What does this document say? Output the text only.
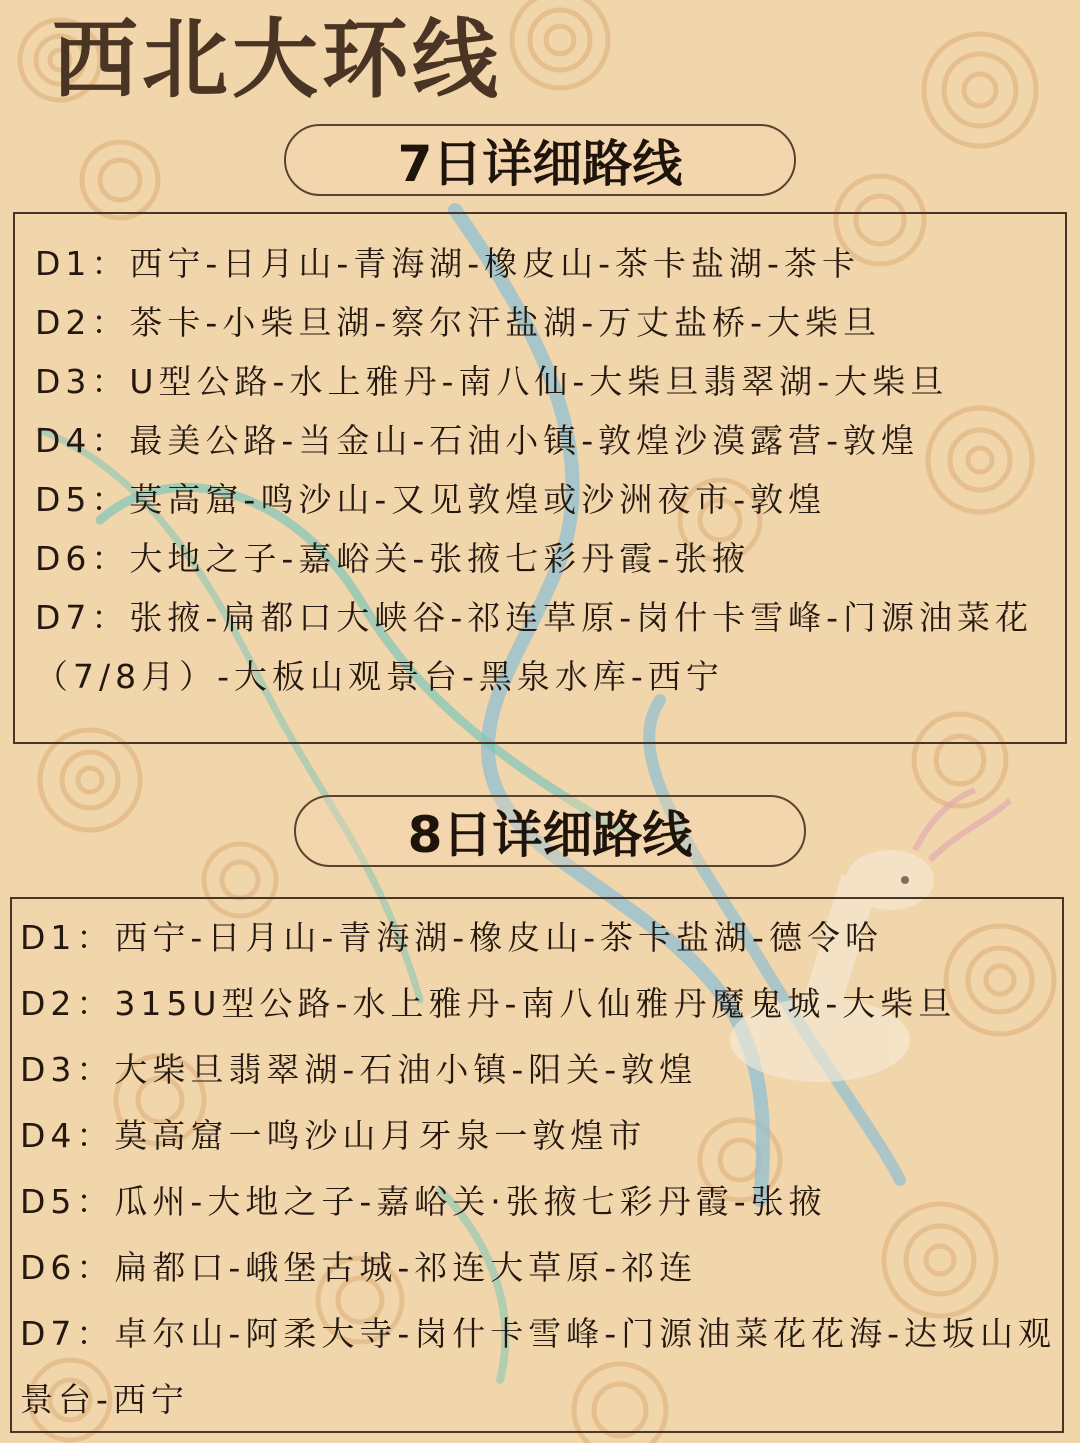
西北大环线
7日详细路线

D1：西宁-日月山-青海湖-橡皮山-茶卡盐湖-茶卡

D2：茶卡-小柴旦湖-察尔汗盐湖-万丈盐桥-大柴旦

D3：U型公路-水上雅丹-南八仙-大柴旦翡翠湖-大柴旦

D4：最美公路-当金山-石油小镇-敦煌沙漠露营-敦煌

D5：莫高窟-鸣沙山-又见敦煌或沙洲夜市-敦煌

D6：大地之子-嘉峪关-张掖七彩丹霞-张掖

D7：张掖-扁都口大峡谷-祁连草原-岗什卡雪峰-门源油菜花（7/8月）-大板山观景台-黑泉水库-西宁

8日详细路线

D1：西宁-日月山-青海湖-橡皮山-茶卡盐湖-德令哈

D2：315U型公路-水上雅丹-南八仙雅丹魔鬼城-大柴旦

D3：大柴旦翡翠湖-石油小镇-阳关-敦煌

D4：莫高窟一鸣沙山月牙泉一敦煌市

D5：瓜州-大地之子-嘉峪关·张掖七彩丹霞-张掖

D6：扁都口-峨堡古城-祁连大草原-祁连

D7：卓尔山-阿柔大寺-岗什卡雪峰-门源油菜花花海-达坂山观景台-西宁
